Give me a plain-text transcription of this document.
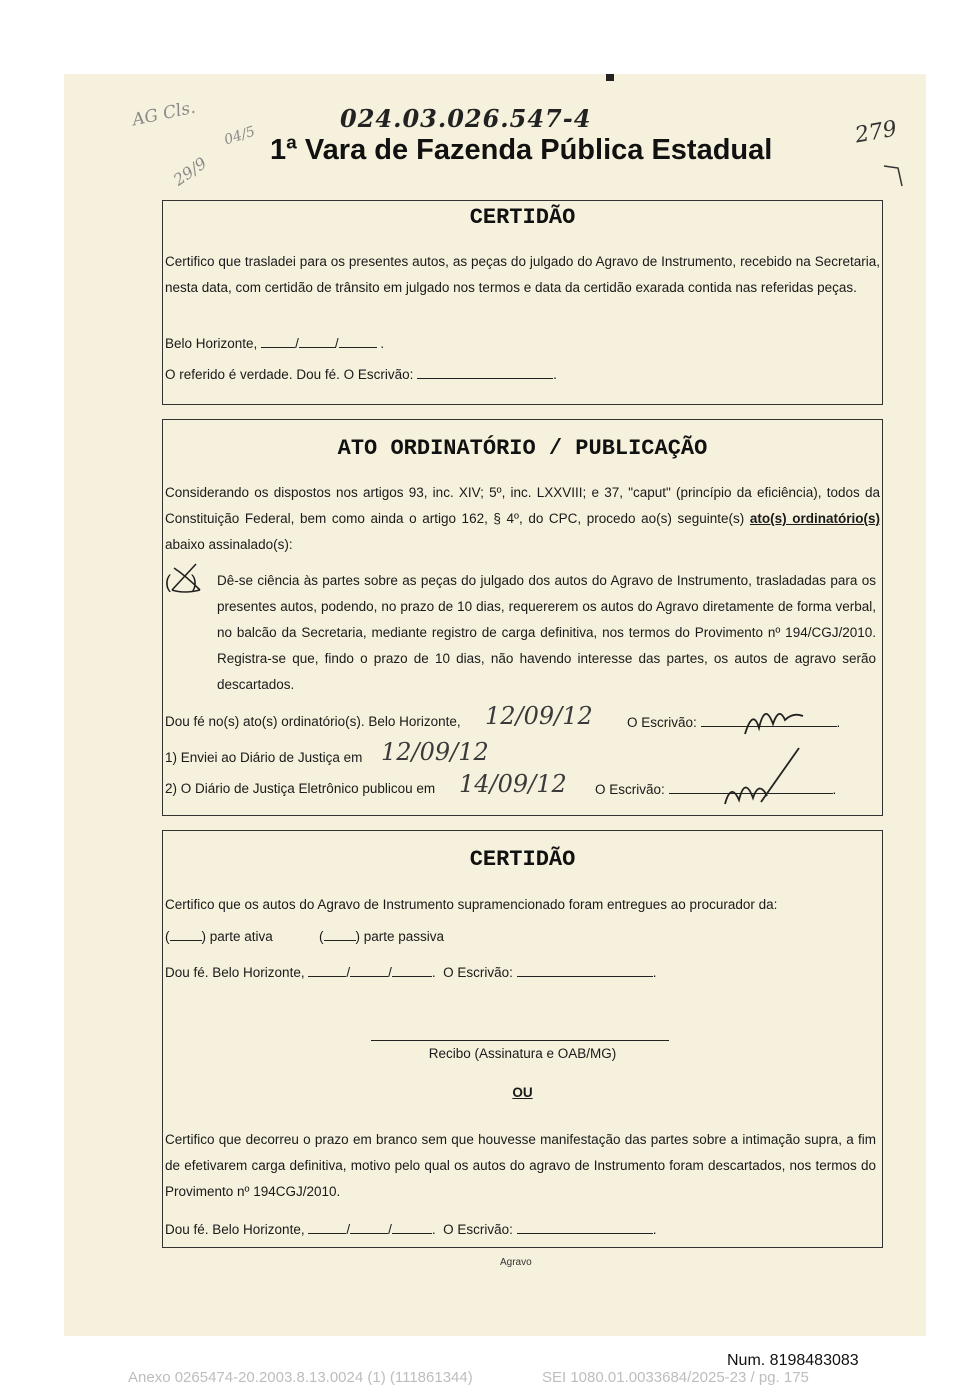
AG Cls.
04/5
29/9
279
024.03.026.547-4
1ª Vara de Fazenda Pública Estadual
CERTIDÃO
Certifico que trasladei para os presentes autos, as peças do julgado do Agravo de Instrumento, recebido na Secretaria, nesta data, com certidão de trânsito em julgado nos termos e data da certidão exarada contida nas referidas peças.
Belo Horizonte,	/	/	.
O referido é verdade. Dou fé. O Escrivão:	.
ATO ORDINATÓRIO / PUBLICAÇÃO
Considerando os dispostos nos artigos 93, inc. XIV; 5º, inc. LXXVIII; e 37, "caput" (princípio da eficiência), todos da Constituição Federal, bem como ainda o artigo 162, § 4º, do CPC, procedo ao(s) seguinte(s) ato(s) ordinatório(s) abaixo assinalado(s):
(    ) Dê-se ciência às partes sobre as peças do julgado dos autos do Agravo de Instrumento, trasladadas para os presentes autos, podendo, no prazo de 10 dias, requererem os autos do Agravo diretamente de forma verbal, no balcão da Secretaria, mediante registro de carga definitiva, nos termos do Provimento nº 194/CGJ/2010. Registra-se que, findo o prazo de 10 dias, não havendo interesse das partes, os autos de agravo serão descartados.
Dou fé no(s) ato(s) ordinatório(s). Belo Horizonte, 12/09/12	O Escrivão:	.
1) Enviei ao Diário de Justiça em 12/09/12
2) O Diário de Justiça Eletrônico publicou em 14/09/12 O Escrivão:	.
CERTIDÃO
Certifico que os autos do Agravo de Instrumento supramencionado foram entregues ao procurador da:
( ) parte ativa	( ) parte passiva
Dou fé. Belo Horizonte,	/	/	.  O Escrivão:	.
Recibo (Assinatura e OAB/MG)
OU
Certifico que decorreu o prazo em branco sem que houvesse manifestação das partes sobre a intimação supra, a fim de efetivarem carga definitiva, motivo pelo qual os autos do agravo de Instrumento foram descartados, nos termos do Provimento nº 194CGJ/2010.
Dou fé. Belo Horizonte,	/	/	.  O Escrivão:	.
Agravo
Num. 8198483083
Anexo 0265474-20.2003.8.13.0024 (1) (111861344)	SEI 1080.01.0033684/2025-23 / pg. 175
